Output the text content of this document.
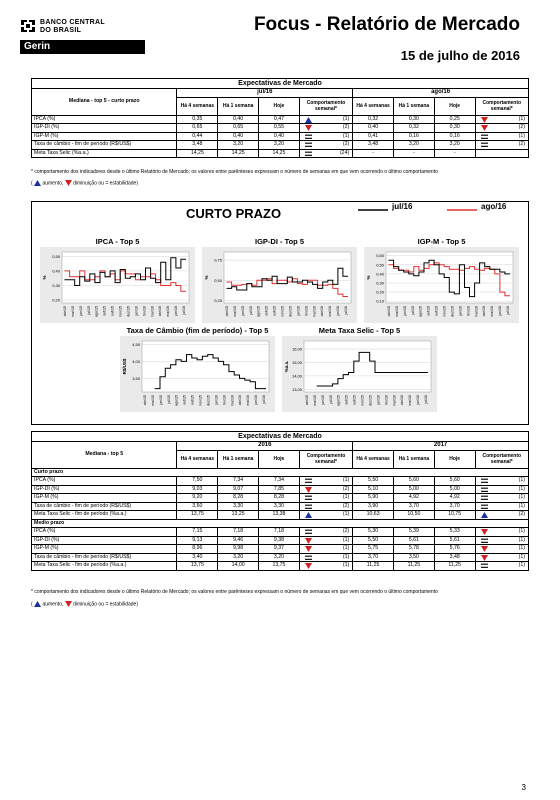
BANCO CENTRAL
DO BRASIL
Gerin
Focus - Relatório de Mercado
15 de julho de 2016
Expectativas de Mercado								
Mediana - top 5 - curto prazo	jul/16				ago/16			
	Há 4 semanas	Há 1 semana	Hoje	Comportamento semanal*	Há 4 semanas	Há 1 semana	Hoje	Comportamento semanal*
IPCA (%)	0,35	0,40	0,47	(1)	0,32	0,30	0,25	(1)
IGP-DI (%)	0,65	0,65	0,55	(2)	0,40	0,32	0,30	(2)
IGP-M (%)	0,44	0,40	0,40	(1)	0,41	0,16	0,16	(1)
Taxa de câmbio - fim de período (R$/US$)	3,48	3,20	3,20	(2)	3,48	3,20	3,20	(2)
Meta Taxa Selic (%a.a.)	14,25	14,25	14,25	(24)	-	-	-	
* comportamento dos indicadores desde o último Relatório de Mercado; os valores entre parênteses expressam o número de semanas em que vem ocorrendo o último comportamento
( aumento, diminuição ou = estabilidade)
CURTO PRAZO	jul/16	ago/16
IPCA - Top 5
0,20
0,30
0,40
0,50
%
abr/15 mai/15 jun/15 jul/15 ago/15 set/15 out/15 nov/15 dez/15 jan/16 fev/16 mar/16 abr/16 mai/16 jun/16 jul/16
IGP-DI - Top 5
0,25
0,50
0,75
%
abr/15 mai/15 jun/15 jul/15 ago/15 set/15 out/15 nov/15 dez/15 jan/16 fev/16 mar/16 abr/16 mai/16 jun/16 jul/16
IGP-M - Top 5
0,10
0,20
0,30
0,40
0,50
0,60
%
abr/15 mai/15 jun/15 jul/15 ago/15 set/15 out/15 nov/15 dez/15 jan/16 fev/16 mar/16 abr/16 mai/16 jun/16 jul/16
Taxa de Câmbio (fim de período) - Top 5
3,50
4,00
4,50
R$/US$
abr/15 mai/15 jun/15 jul/15 ago/15 set/15 out/15 nov/15 dez/15 jan/16 fev/16 mar/16 abr/16 mai/16 jun/16 jul/16
Meta Taxa Selic - Top 5
13,00
14,00
15,00
16,00
%a.a.
abr/15 mai/15 jun/15 jul/15 ago/15 set/15 out/15 nov/15 dez/15 jan/16 fev/16 mar/16 abr/16 mai/16 jun/16 jul/16
Expectativas de Mercado								
Mediana - top 5	2016				2017			
	Há 4 semanas	Há 1 semana	Hoje	Comportamento semanal*	Há 4 semanas	Há 1 semana	Hoje	Comportamento semanal*
Curto prazo								
IPCA (%)	7,50	7,34	7,34	(1)	5,50	5,60	5,60	(1)
IGP-DI (%)	9,03	9,07	7,85	(2)	5,10	5,00	5,00	(1)
IGP-M (%)	9,20	8,28	8,28	(1)	5,90	4,92	4,92	(1)
Taxa de câmbio - fim de período (R$/US$)	3,60	3,30	3,30	(2)	3,90	3,70	3,70	(1)
Meta Taxa Selic - fim de período (%a.a.)	13,75	13,25	13,38	(1)	10,63	10,50	10,75	(2)
Medio prazo								
IPCA (%)	7,15	7,18	7,18	(2)	5,30	5,39	5,33	(1)
IGP-DI (%)	9,13	9,46	9,38	(1)	5,50	5,61	5,61	(1)
IGP-M (%)	8,96	9,98	9,37	(1)	5,75	5,78	5,76	(1)
Taxa de câmbio - fim de período (R$/US$)	3,40	3,20	3,20	(1)	3,70	3,50	3,48	(1)
Meta Taxa Selic - fim de período (%a.a.)	13,75	14,00	13,75	(1)	11,25	11,25	11,25	(1)
* comportamento dos indicadores desde o último Relatório de Mercado; os valores entre parênteses expressam o número de semanas em que vem ocorrendo o último comportamento
( aumento, diminuição ou = estabilidade)
3
